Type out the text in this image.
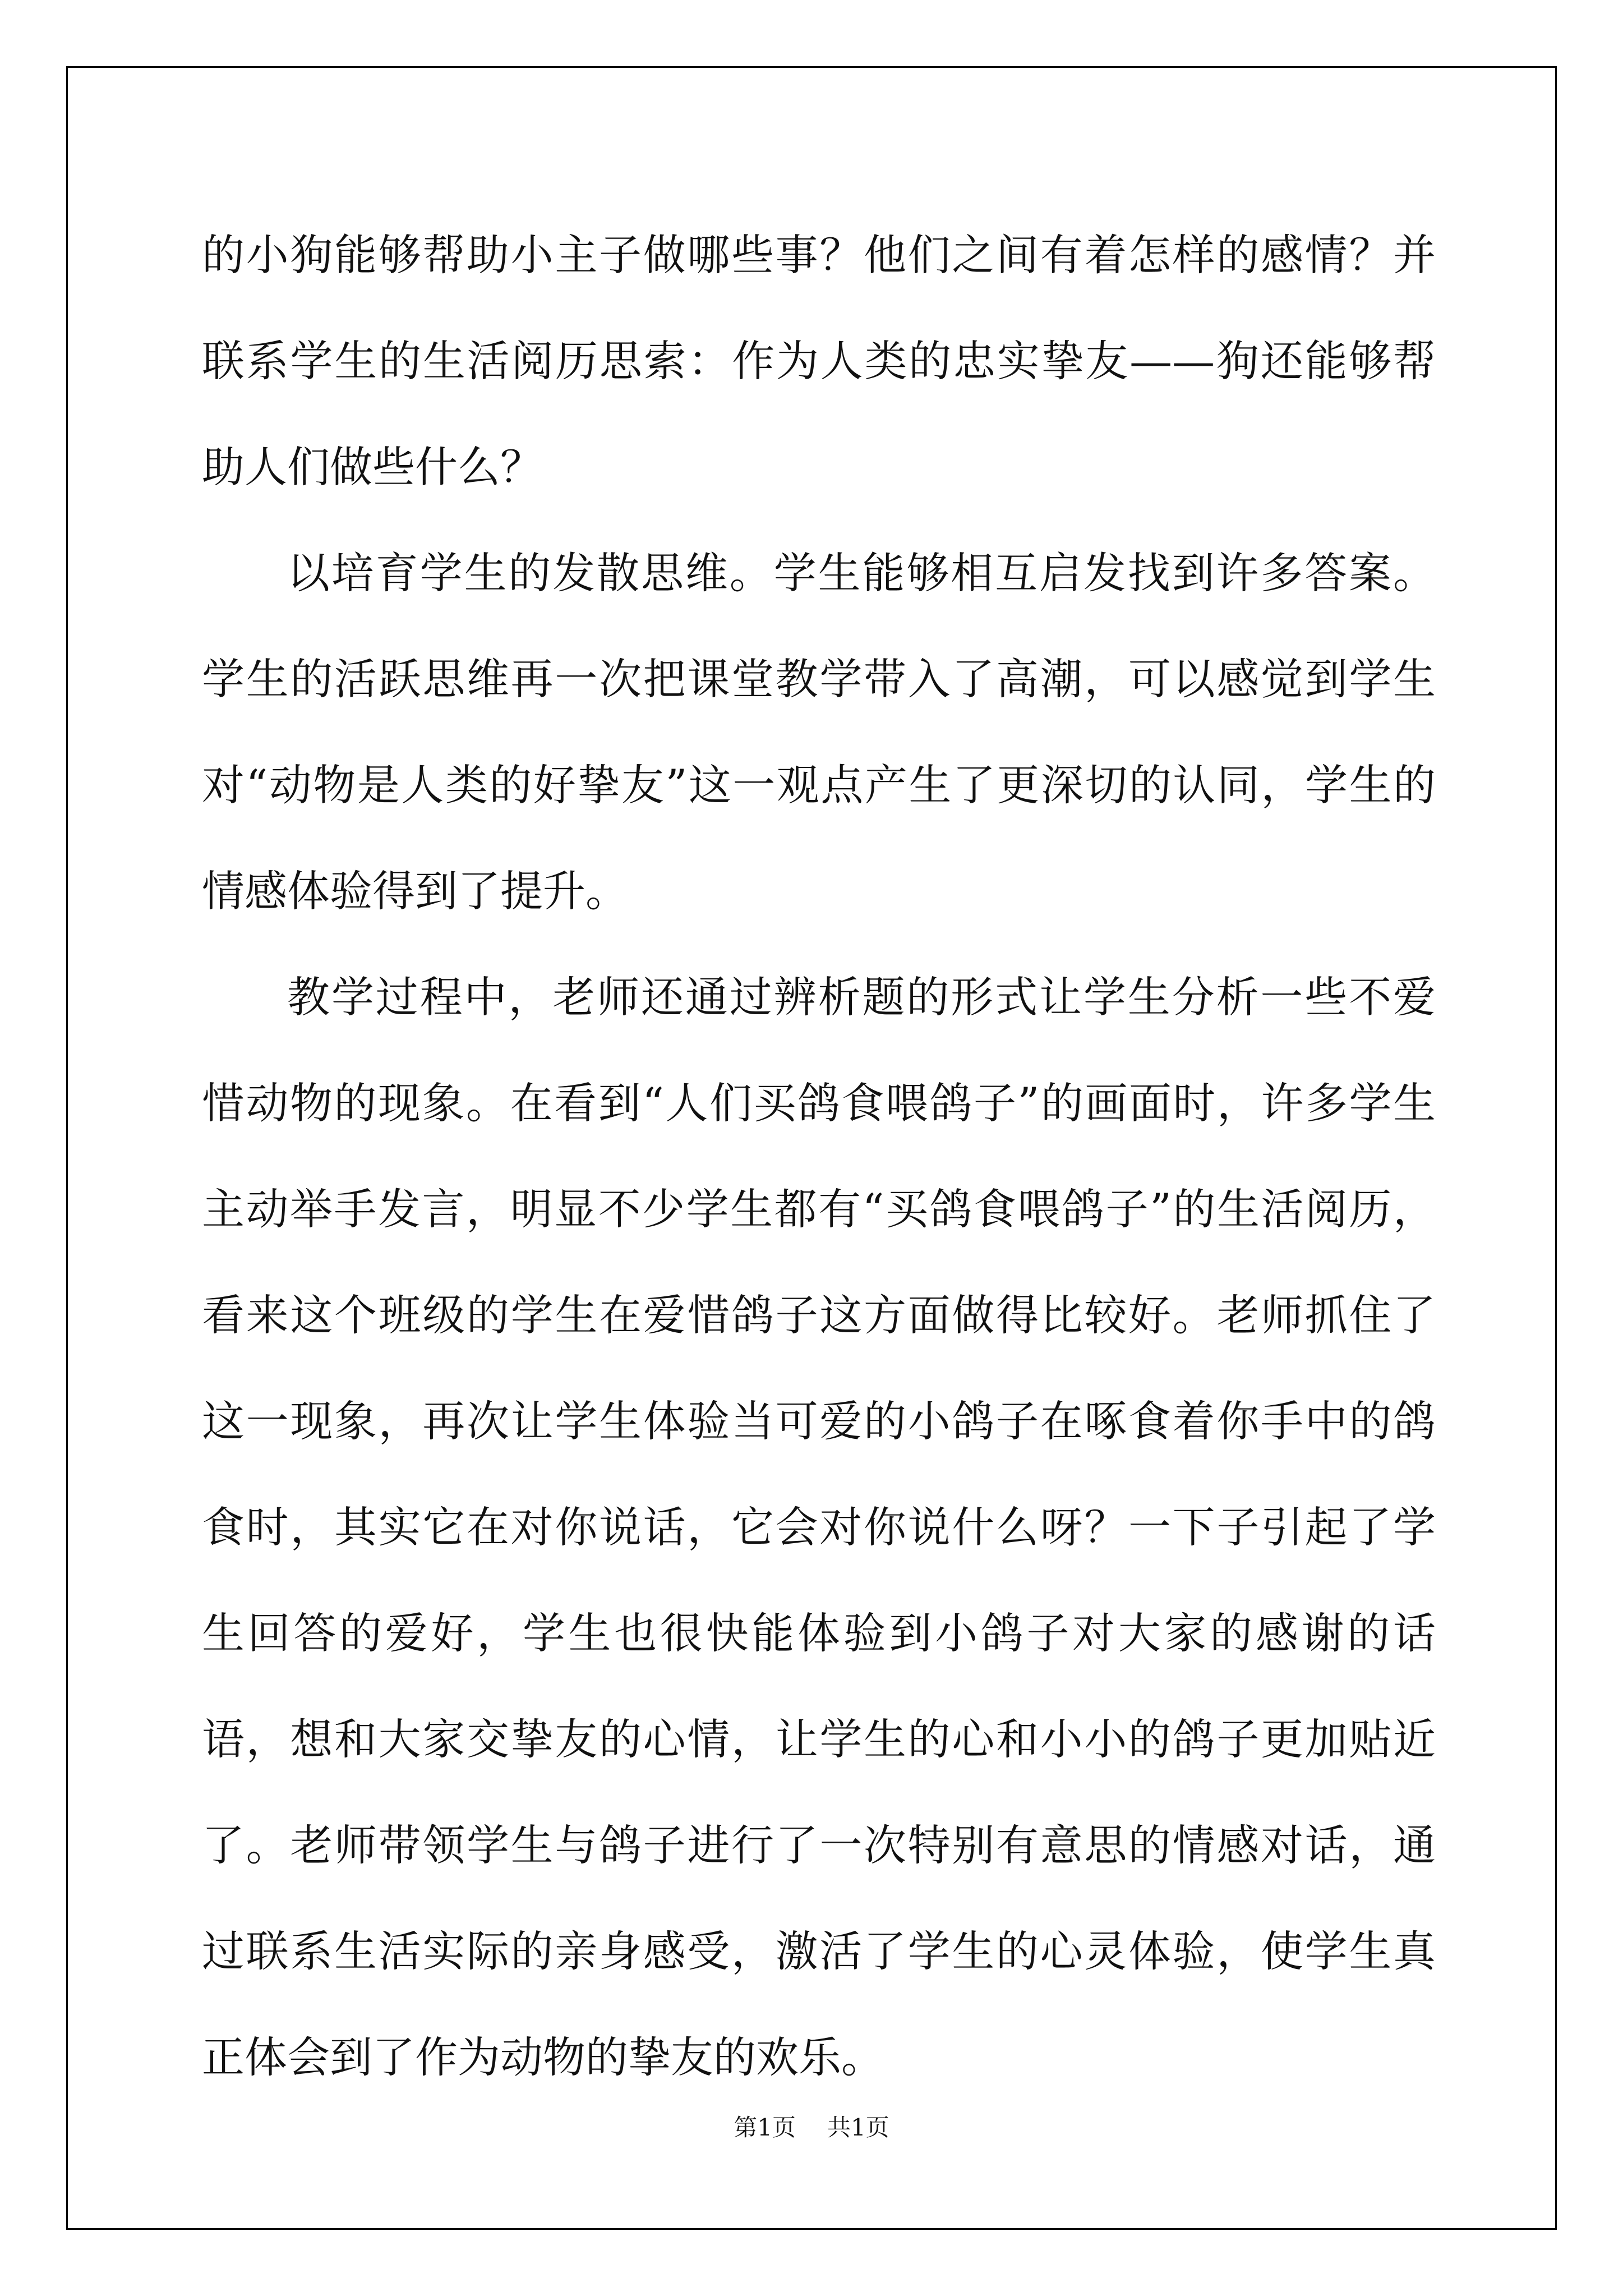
的小狗能够帮助小主子做哪些事？他们之间有着怎样的感情？并联系学生的生活阅历思索：作为人类的忠实挚友——狗还能够帮助人们做些什么？

以培育学生的发散思维。学生能够相互启发找到许多答案。学生的活跃思维再一次把课堂教学带入了高潮，可以感觉到学生对“动物是人类的好挚友”这一观点产生了更深切的认同，学生的情感体验得到了提升。

教学过程中，老师还通过辨析题的形式让学生分析一些不爱惜动物的现象。在看到“人们买鸽食喂鸽子”的画面时，许多学生主动举手发言，明显不少学生都有“买鸽食喂鸽子”的生活阅历，看来这个班级的学生在爱惜鸽子这方面做得比较好。老师抓住了这一现象，再次让学生体验当可爱的小鸽子在啄食着你手中的鸽食时，其实它在对你说话，它会对你说什么呀？一下子引起了学生回答的爱好，学生也很快能体验到小鸽子对大家的感谢的话语，想和大家交挚友的心情，让学生的心和小小的鸽子更加贴近了。老师带领学生与鸽子进行了一次特别有意思的情感对话，通过联系生活实际的亲身感受，激活了学生的心灵体验，使学生真正体会到了作为动物的挚友的欢乐。

第1页 共1页
